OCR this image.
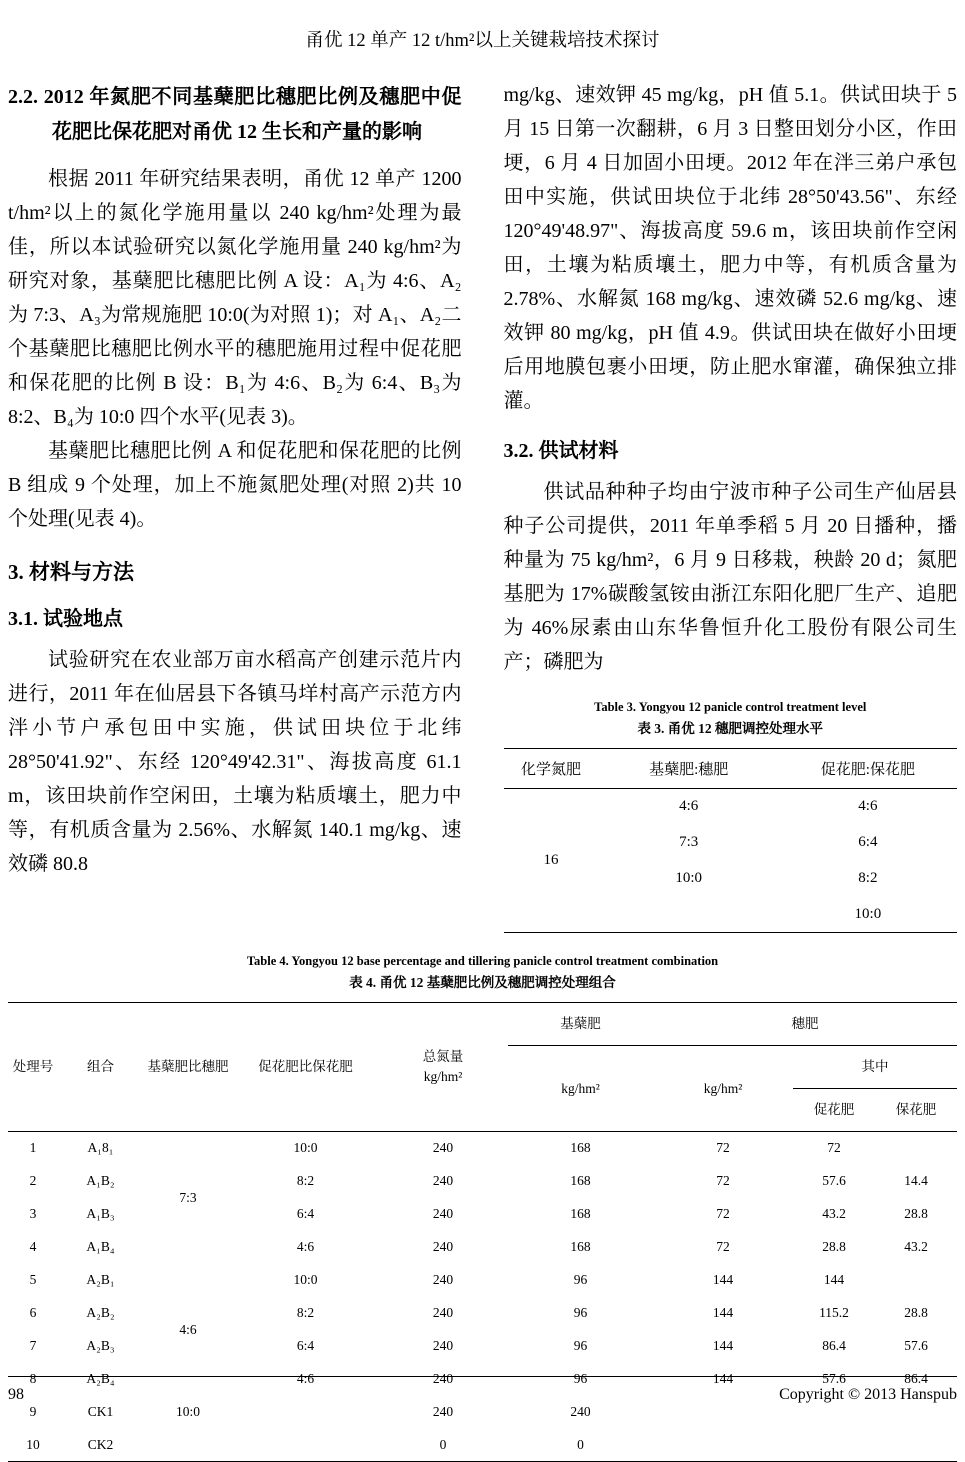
甬优 12 单产 12 t/hm²以上关键栽培技术探讨
2.2. 2012 年氮肥不同基蘖肥比穗肥比例及穗肥中促花肥比保花肥对甬优 12 生长和产量的影响

根据 2011 年研究结果表明，甬优 12 单产 1200 t/hm²以上的氮化学施用量以 240 kg/hm²处理为最佳，所以本试验研究以氮化学施用量 240 kg/hm²为研究对象，基蘖肥比穗肥比例 A 设：A₁为 4:6、A₂为 7:3、A₃为常规施肥 10:0(为对照 1)；对 A₁、A₂二个基蘖肥比穗肥比例水平的穗肥施用过程中促花肥和保花肥的比例 B 设：B₁为 4:6、B₂为 6:4、B₃为 8:2、B₄为 10:0 四个水平(见表 3)。

基蘖肥比穗肥比例 A 和促花肥和保花肥的比例 B 组成 9 个处理，加上不施氮肥处理(对照 2)共 10 个处理(见表 4)。

3. 材料与方法
3.1. 试验地点

试验研究在农业部万亩水稻高产创建示范片内进行，2011 年在仙居县下各镇马垟村高产示范方内泮小节户承包田中实施，供试田块位于北纬 28°50'41.92"、东经 120°49'42.31"、海拔高度 61.1 m，该田块前作空闲田，土壤为粘质壤土，肥力中等，有机质含量为 2.56%、水解氮 140.1 mg/kg、速效磷 80.8

mg/kg、速效钾 45 mg/kg，pH 值 5.1。供试田块于 5 月 15 日第一次翻耕，6 月 3 日整田划分小区，作田埂，6 月 4 日加固小田埂。2012 年在泮三弟户承包田中实施，供试田块位于北纬 28°50'43.56"、东经 120°49'48.97"、海拔高度 59.6 m，该田块前作空闲田，土壤为粘质壤土，肥力中等，有机质含量为 2.78%、水解氮 168 mg/kg、速效磷 52.6 mg/kg、速效钾 80 mg/kg，pH 值 4.9。供试田块在做好小田埂后用地膜包裹小田埂，防止肥水窜灌，确保独立排灌。

3.2. 供试材料

供试品种种子均由宁波市种子公司生产仙居县种子公司提供，2011 年单季稻 5 月 20 日播种，播种量为 75 kg/hm²，6 月 9 日移栽，秧龄 20 d；氮肥基肥为 17%碳酸氢铵由浙江东阳化肥厂生产、追肥为 46%尿素由山东华鲁恒升化工股份有限公司生产；磷肥为

Table 3. Yongyou 12 panicle control treatment level
表 3. 甬优 12 穗肥调控处理水平
化学氮肥	基蘖肥:穗肥	促花肥:保花肥
16	4:6	4:6
	7:3	6:4
	10:0	8:2
		10:0
Table 4. Yongyou 12 base percentage and tillering panicle control treatment combination
表 4. 甬优 12 基蘖肥比例及穗肥调控处理组合
处理号	组合	基蘖肥比穗肥	促花肥比保花肥	总氮量
kg/hm²	基蘖肥	穗肥		
					kg/hm²	kg/hm²	其中	
							促花肥	保花肥
1	A₁8₁	7:3	10:0	240	168	72	72	
2	A₁B₂		8:2	240	168	72	57.6	14.4
3	A₁B₃		6:4	240	168	72	43.2	28.8
4	A₁B₄		4:6	240	168	72	28.8	43.2
5	A₂B₁	4:6	10:0	240	96	144	144	
6	A₂B₂		8:2	240	96	144	115.2	28.8
7	A₂B₃		6:4	240	96	144	86.4	57.6
8	A₂B₄		4:6	240	96	144	57.6	86.4
9	CK1	10:0		240	240			
10	CK2			0	0			
98	Copyright © 2013 Hanspub
